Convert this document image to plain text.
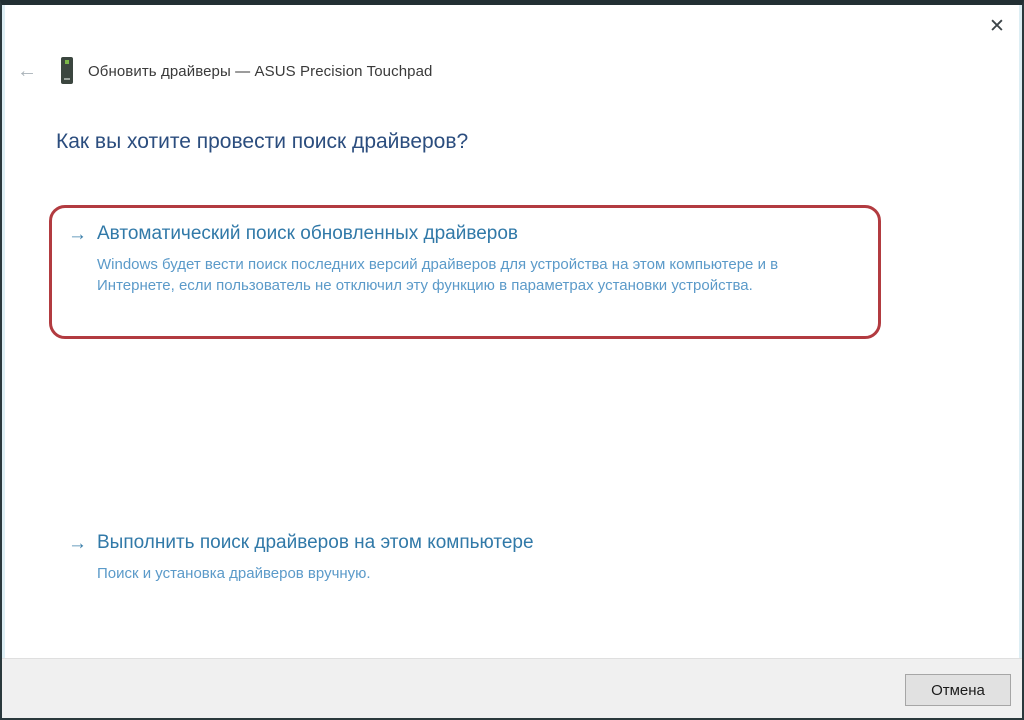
✕
←	Обновить драйверы — ASUS Precision Touchpad
Как вы хотите провести поиск драйверов?
→ Автоматический поиск обновленных драйверов

Windows будет вести поиск последних версий драйверов для устройства на этом компьютере и в Интернете, если пользователь не отключил эту функцию в параметрах установки устройства.

→ Выполнить поиск драйверов на этом компьютере

Поиск и установка драйверов вручную.

Отмена
